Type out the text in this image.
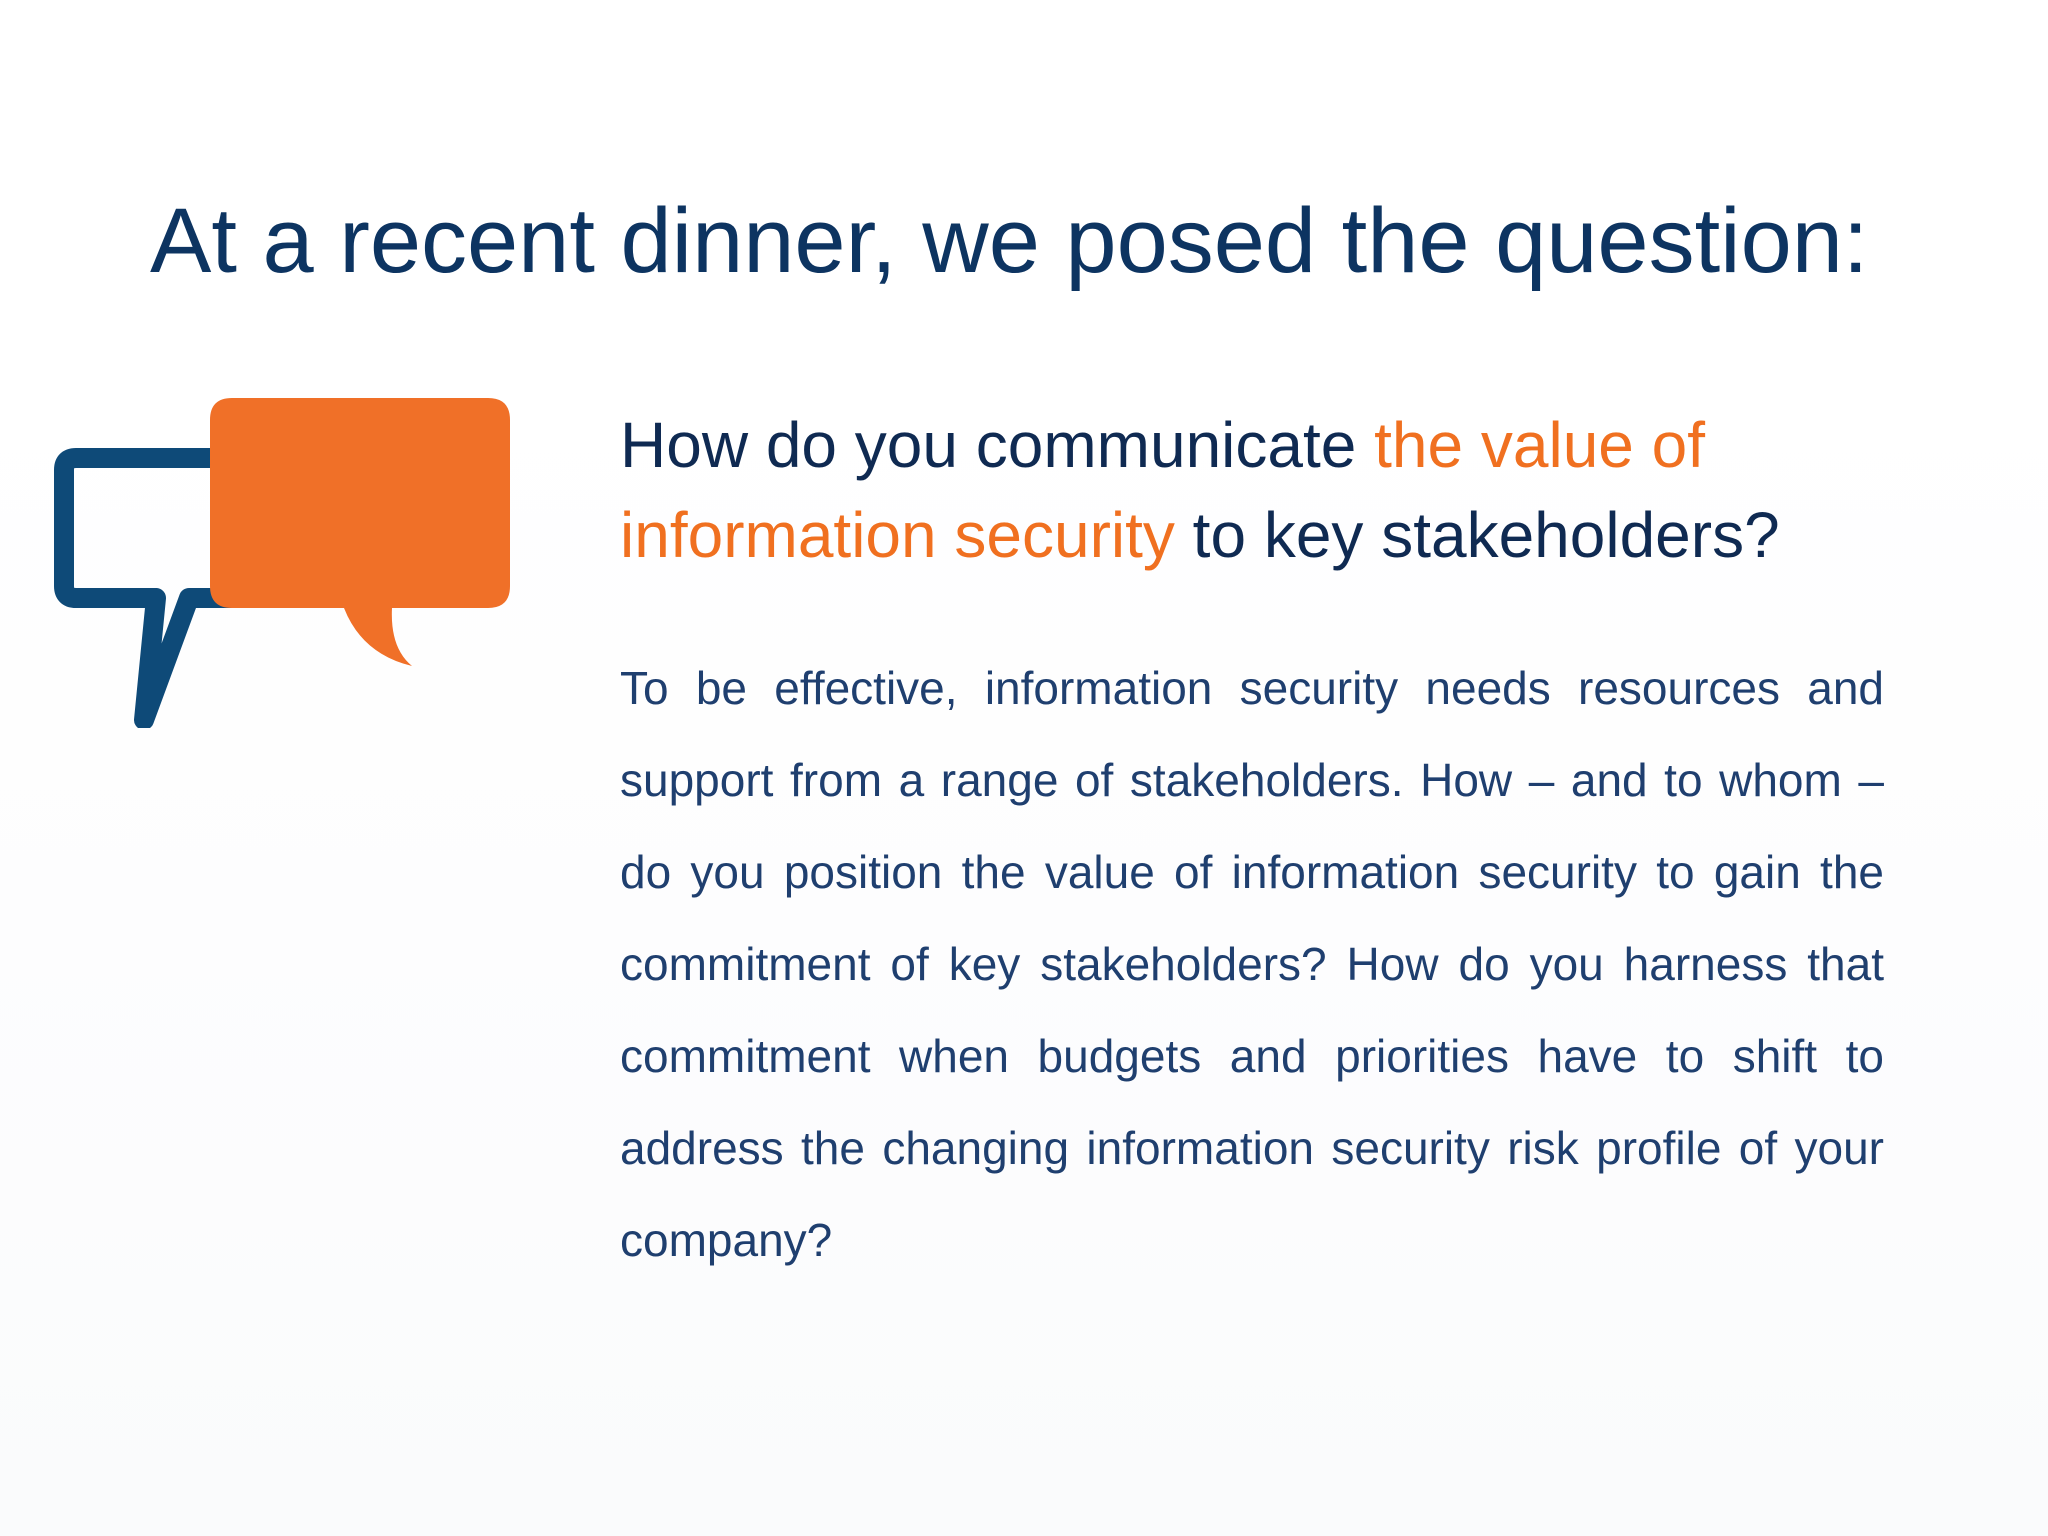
At a recent dinner, we posed the question:

How do you communicate the value of information security to key stakeholders?

To be effective, information security needs resources and support from a range of stakeholders. How – and to whom – do you position the value of information security to gain the commitment of key stakeholders? How do you harness that commitment when budgets and priorities have to shift to address the changing information security risk profile of your company?
